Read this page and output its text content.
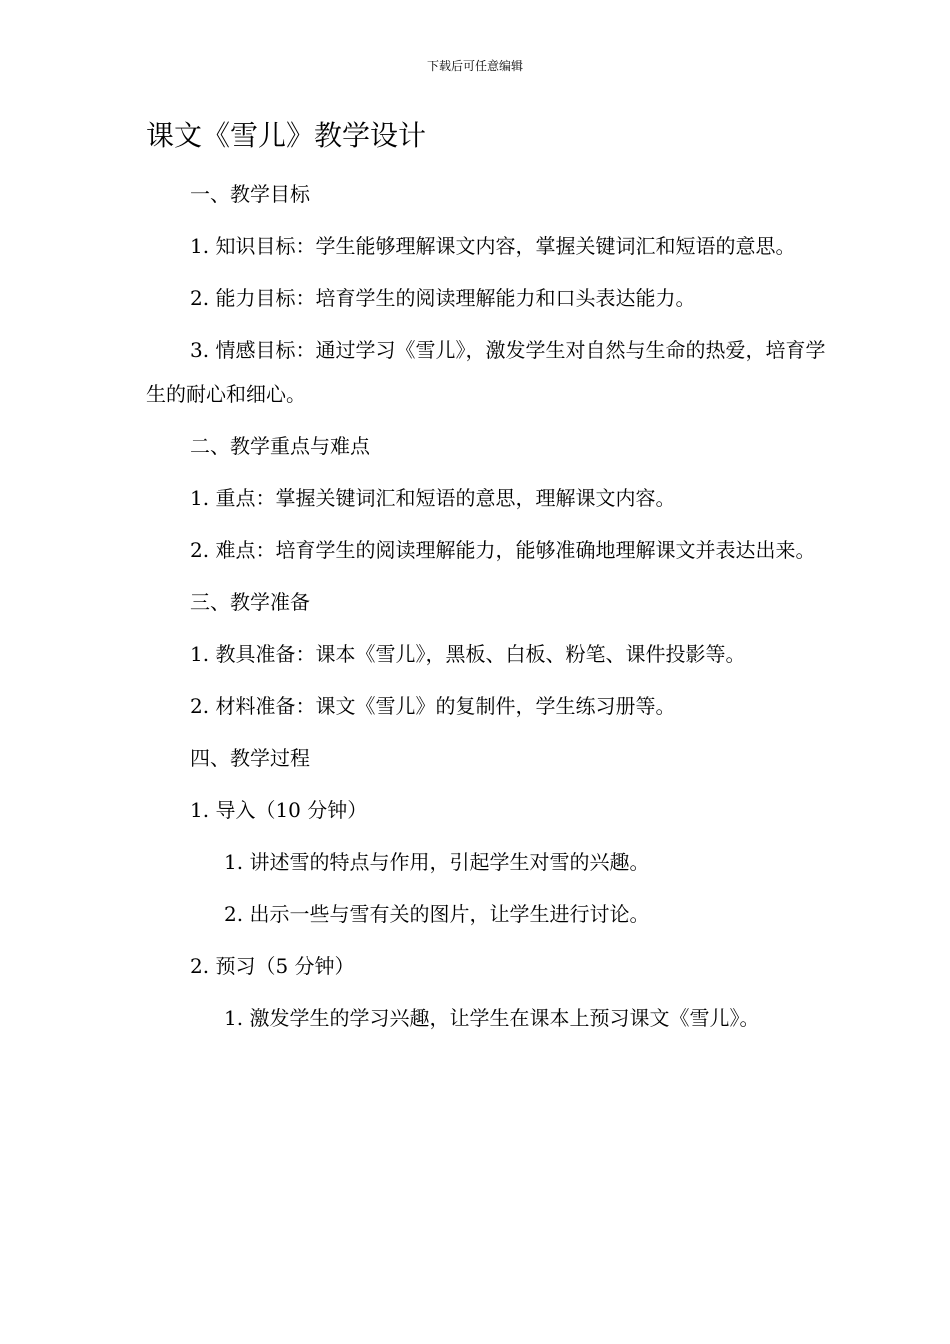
下载后可任意编辑
课文《雪儿》教学设计

一、教学目标

1. 知识目标：学生能够理解课文内容，掌握关键词汇和短语的意思。

2. 能力目标：培育学生的阅读理解能力和口头表达能力。

3. 情感目标：通过学习《雪儿》，激发学生对自然与生命的热爱，培育学生的耐心和细心。

二、教学重点与难点

1. 重点：掌握关键词汇和短语的意思，理解课文内容。

2. 难点：培育学生的阅读理解能力，能够准确地理解课文并表达出来。

三、教学准备

1. 教具准备：课本《雪儿》，黑板、白板、粉笔、课件投影等。

2. 材料准备：课文《雪儿》的复制件，学生练习册等。

四、教学过程

1. 导入（10 分钟）

1. 讲述雪的特点与作用，引起学生对雪的兴趣。

2. 出示一些与雪有关的图片，让学生进行讨论。

2. 预习（5 分钟）

1. 激发学生的学习兴趣，让学生在课本上预习课文《雪儿》。
